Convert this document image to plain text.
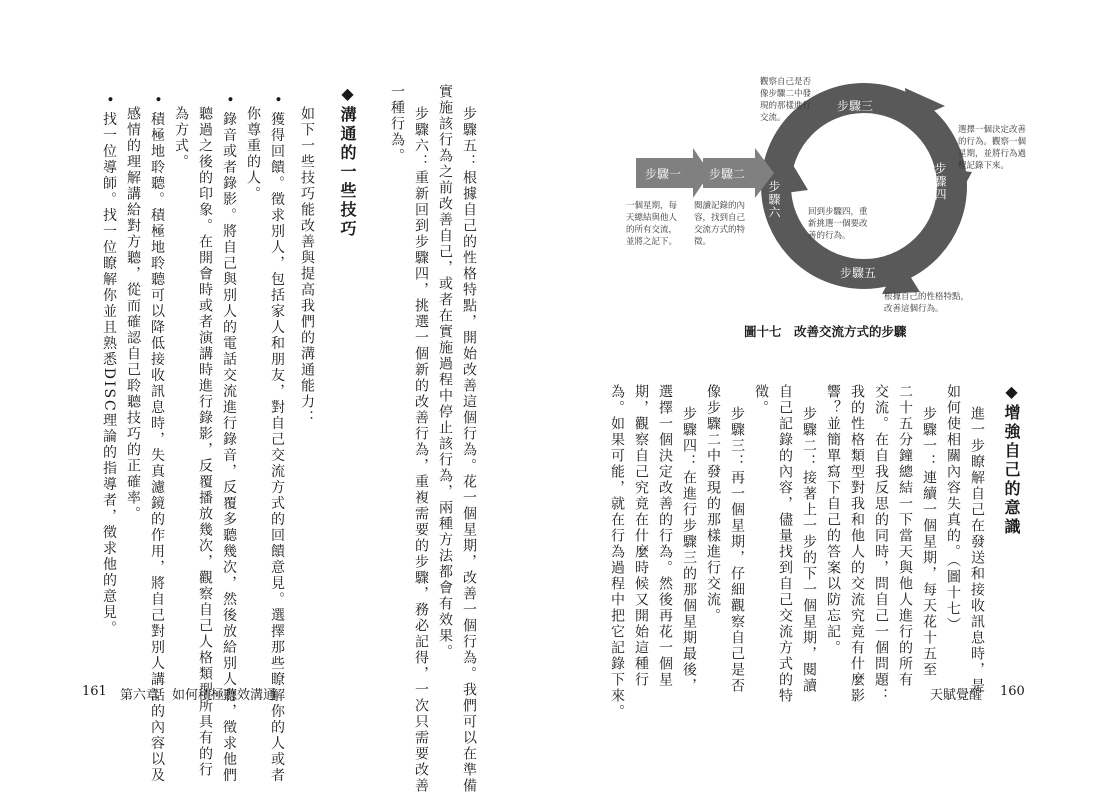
步驟五：根據自己的性格特點，開始改善這個行為。花一個星期，改善一個行為。我們可以在準備
實施該行為之前改善自己，或者在實施過程中停止該行為，兩種方法都會有效果。
步驟六：重新回到步驟四，挑選一個新的改善行為，重複需要的步驟，務必記得，一次只需要改善
一種行為。
◆溝通的一些技巧
如下一些技巧能改善與提高我們的溝通能力：
• 獲得回饋。徵求別人，包括家人和朋友，對自己交流方式的回饋意見。選擇那些瞭解你的人或者
你尊重的人。
• 錄音或者錄影。將自己與別人的電話交流進行錄音，反覆多聽幾次，然後放給別人聽，徵求他們
聽過之後的印象。在開會時或者演講時進行錄影，反覆播放幾次，觀察自己人格類型所具有的行
為方式。
• 積極地聆聽。積極地聆聽可以降低接收訊息時，失真濾鏡的作用，將自己對別人講話的內容以及
感情的理解講給對方聽，從而確認自己聆聽技巧的正確率。
• 找一位導師。找一位瞭解你並且熟悉DISC理論的指導者，徵求他的意見。	步驟一 步驟二
步驟三
步驟五
步驟四
步驟六
觀察自己是否
像步驟二中發
現的那樣進行
交流。
選擇一個決定改善
的行為。觀察一個
星期，並將行為過
程記錄下來。
一個星期，每
天總結與他人
的所有交流，
並將之記下。
閱讀記錄的內
容，找到自己
交流方式的特
徵。
回到步驟四，重
新挑選一個要改
善的行為。
根據自己的性格特點，
改善這個行為。
圖十七　改善交流方式的步驟
◆增強自己的意識
進一步瞭解自己在發送和接收訊息時，是
如何使相關內容失真的。（圖十七）
步驟一：連續一個星期，每天花十五至
二十五分鐘總結一下當天與他人進行的所有
交流。在自我反思的同時，問自己一個問題：
我的性格類型對我和他人的交流究竟有什麼影
響？並簡單寫下自己的答案以防忘記。
步驟二：接著上一步的下一個星期，閱讀
自己記錄的內容，儘量找到自己交流方式的特
徵。
步驟三：再一個星期，仔細觀察自己是否
像步驟二中發現的那樣進行交流。
步驟四：在進行步驟三的那個星期最後，
選擇一個決定改善的行為。然後再花一個星
期，觀察自己究竟在什麼時候又開始這種行
為。如果可能，就在行為過程中把它記錄下來。
161 第六章　如何積極有效溝通	天賦覺醒 160
